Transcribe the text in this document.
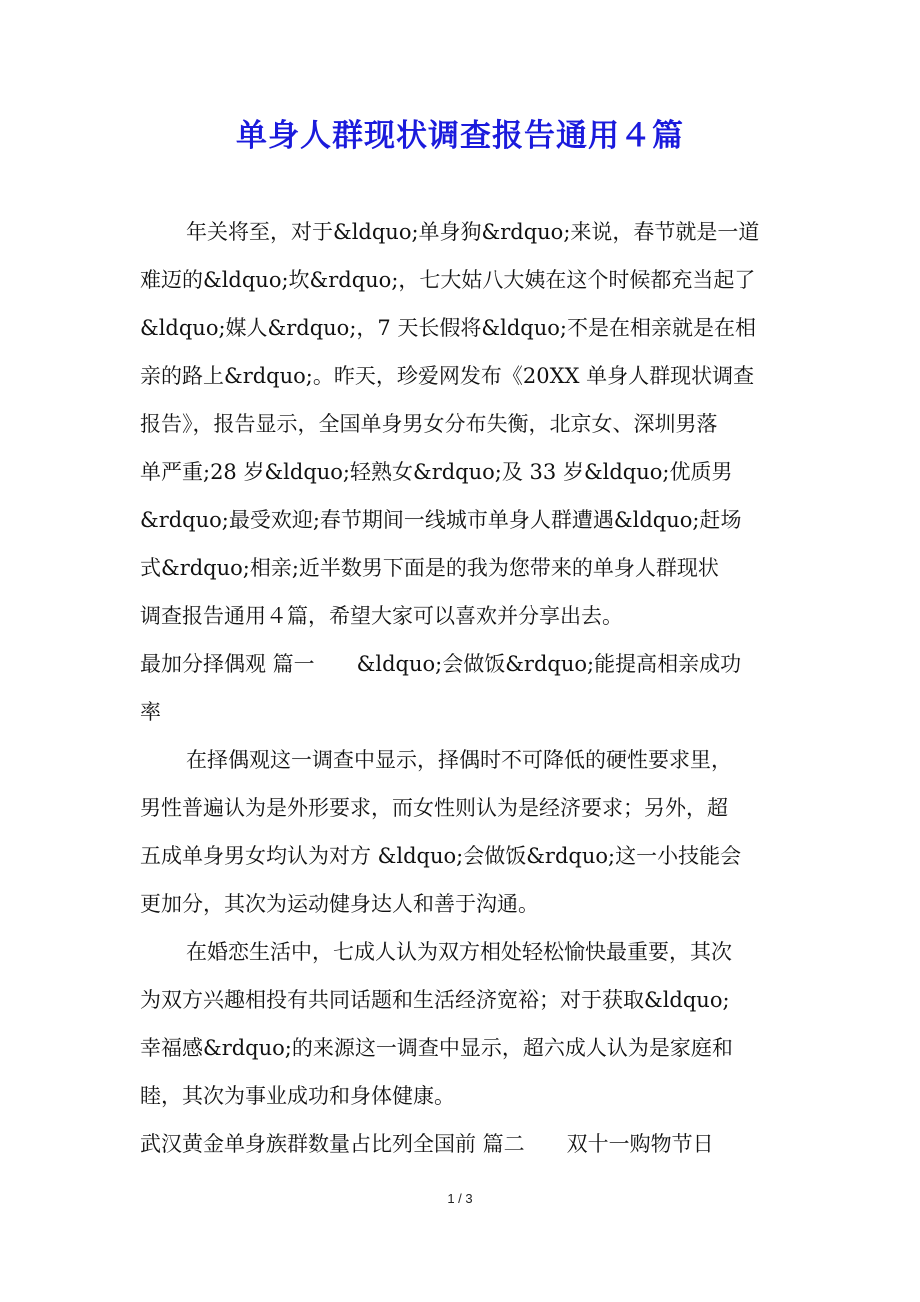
单身人群现状调查报告通用４篇

年关将至，对于&ldquo;单身狗&rdquo;来说，春节就是一道

难迈的&ldquo;坎&rdquo;，七大姑八大姨在这个时候都充当起了

&ldquo;媒人&rdquo;，7 天长假将&ldquo;不是在相亲就是在相

亲的路上&rdquo;。昨天，珍爱网发布《20XX 单身人群现状调查

报告》，报告显示，全国单身男女分布失衡，北京女、深圳男落

单严重;28 岁&ldquo;轻熟女&rdquo;及 33 岁&ldquo;优质男

&rdquo;最受欢迎;春节期间一线城市单身人群遭遇&ldquo;赶场

式&rdquo;相亲;近半数男下面是的我为您带来的单身人群现状

调查报告通用４篇，希望大家可以喜欢并分享出去。

最加分择偶观 篇一　　&ldquo;会做饭&rdquo;能提高相亲成功

率

在择偶观这一调查中显示，择偶时不可降低的硬性要求里，

男性普遍认为是外形要求，而女性则认为是经济要求；另外，超

五成单身男女均认为对方 &ldquo;会做饭&rdquo;这一小技能会

更加分，其次为运动健身达人和善于沟通。

在婚恋生活中，七成人认为双方相处轻松愉快最重要，其次

为双方兴趣相投有共同话题和生活经济宽裕；对于获取&ldquo;

幸福感&rdquo;的来源这一调查中显示，超六成人认为是家庭和

睦，其次为事业成功和身体健康。

武汉黄金单身族群数量占比列全国前 篇二　　双十一购物节日

1 / 3
